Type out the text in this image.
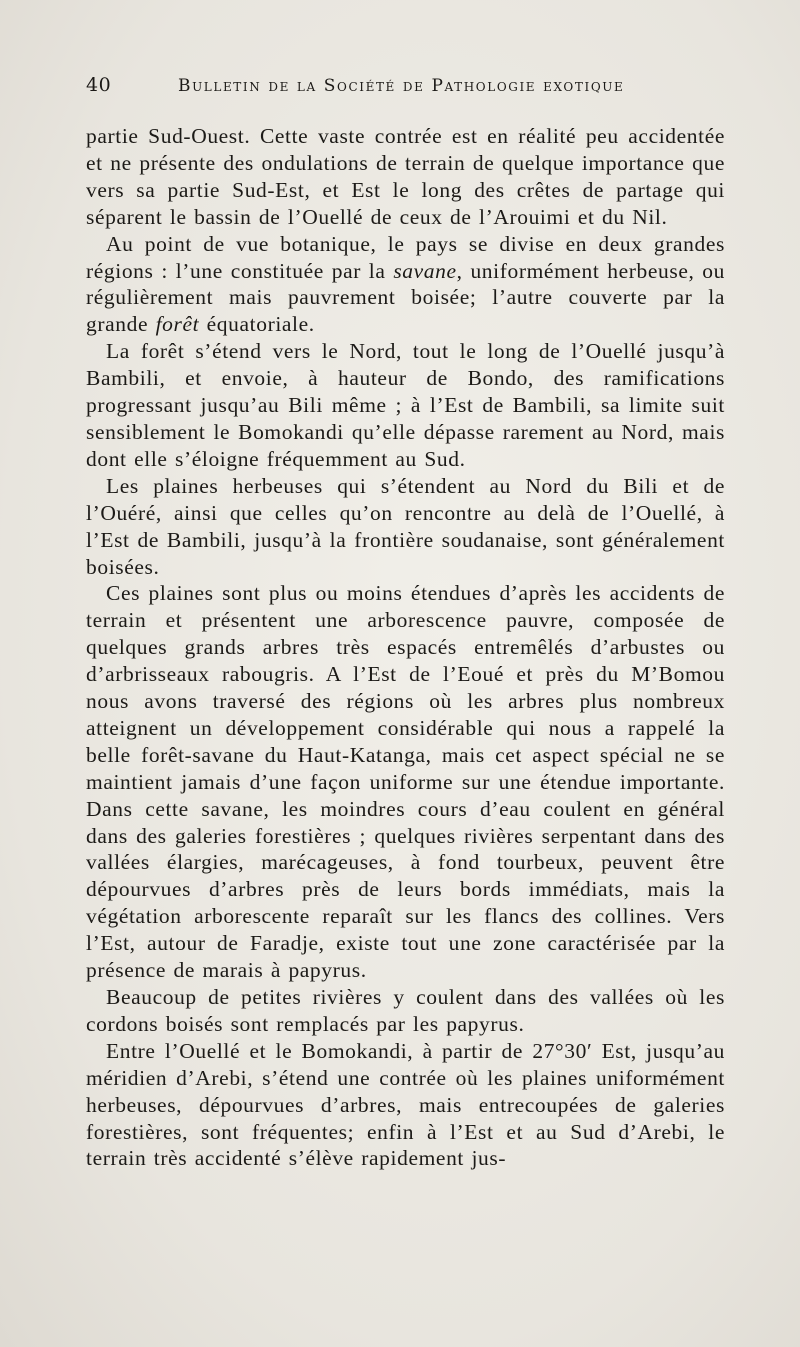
40	Bulletin de la Société de Pathologie exotique

partie Sud-Ouest. Cette vaste contrée est en réalité peu accidentée et ne présente des ondulations de terrain de quelque importance que vers sa partie Sud-Est, et Est le long des crêtes de partage qui séparent le bassin de l’Ouellé de ceux de l’Arouimi et du Nil.

Au point de vue botanique, le pays se divise en deux grandes régions : l’une constituée par la savane, uniformément herbeuse, ou régulièrement mais pauvrement boisée; l’autre couverte par la grande forêt équatoriale.

La forêt s’étend vers le Nord, tout le long de l’Ouellé jusqu’à Bambili, et envoie, à hauteur de Bondo, des ramifications progressant jusqu’au Bili même ; à l’Est de Bambili, sa limite suit sensiblement le Bomokandi qu’elle dépasse rarement au Nord, mais dont elle s’éloigne fréquemment au Sud.

Les plaines herbeuses qui s’étendent au Nord du Bili et de l’Ouéré, ainsi que celles qu’on rencontre au delà de l’Ouellé, à l’Est de Bambili, jusqu’à la frontière soudanaise, sont généralement boisées.

Ces plaines sont plus ou moins étendues d’après les accidents de terrain et présentent une arborescence pauvre, composée de quelques grands arbres très espacés entremêlés d’arbustes ou d’arbrisseaux rabougris. A l’Est de l’Eoué et près du M’Bomou nous avons traversé des régions où les arbres plus nombreux atteignent un développement considérable qui nous a rappelé la belle forêt-savane du Haut-Katanga, mais cet aspect spécial ne se maintient jamais d’une façon uniforme sur une étendue importante. Dans cette savane, les moindres cours d’eau coulent en général dans des galeries forestières ; quelques rivières serpentant dans des vallées élargies, marécageuses, à fond tourbeux, peuvent être dépourvues d’arbres près de leurs bords immédiats, mais la végétation arborescente reparaît sur les flancs des collines. Vers l’Est, autour de Faradje, existe tout une zone caractérisée par la présence de marais à papyrus.

Beaucoup de petites rivières y coulent dans des vallées où les cordons boisés sont remplacés par les papyrus.

Entre l’Ouellé et le Bomokandi, à partir de 27°30′ Est, jusqu’au méridien d’Arebi, s’étend une contrée où les plaines uniformément herbeuses, dépourvues d’arbres, mais entrecoupées de galeries forestières, sont fréquentes; enfin à l’Est et au Sud d’Arebi, le terrain très accidenté s’élève rapidement jus-
